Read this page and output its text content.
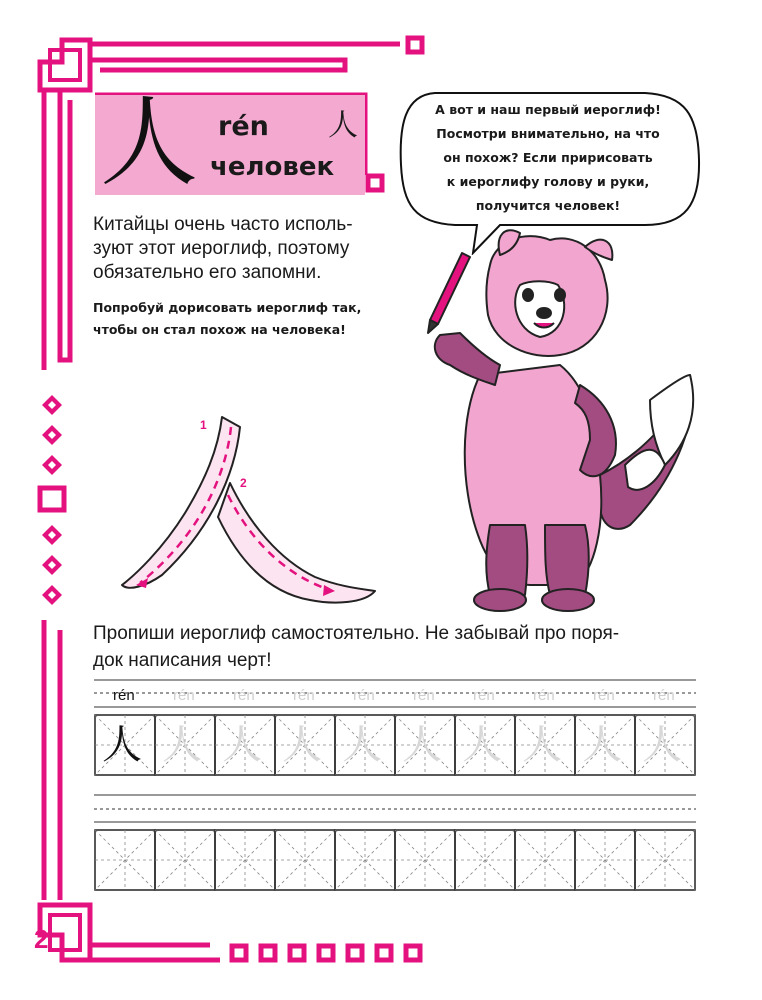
人 rén 人
человек
Китайцы очень часто исполь-
зуют этот иероглиф, поэтому
обязательно его запомни.
Попробуй дорисовать иероглиф так,
чтобы он стал похож на человека!
А вот и наш первый иероглиф!
Посмотри внимательно, на что
он похож? Если пририсовать
к иероглифу голову и руки,
получится человек!
1
2
Пропиши иероглиф самостоятельно. Не забывай про поря-
док написания черт!
rén	rén	rén	rén	rén	rén	rén	rén	rén	rén
人 人 人 人 人 人 人 人 人 人
2
